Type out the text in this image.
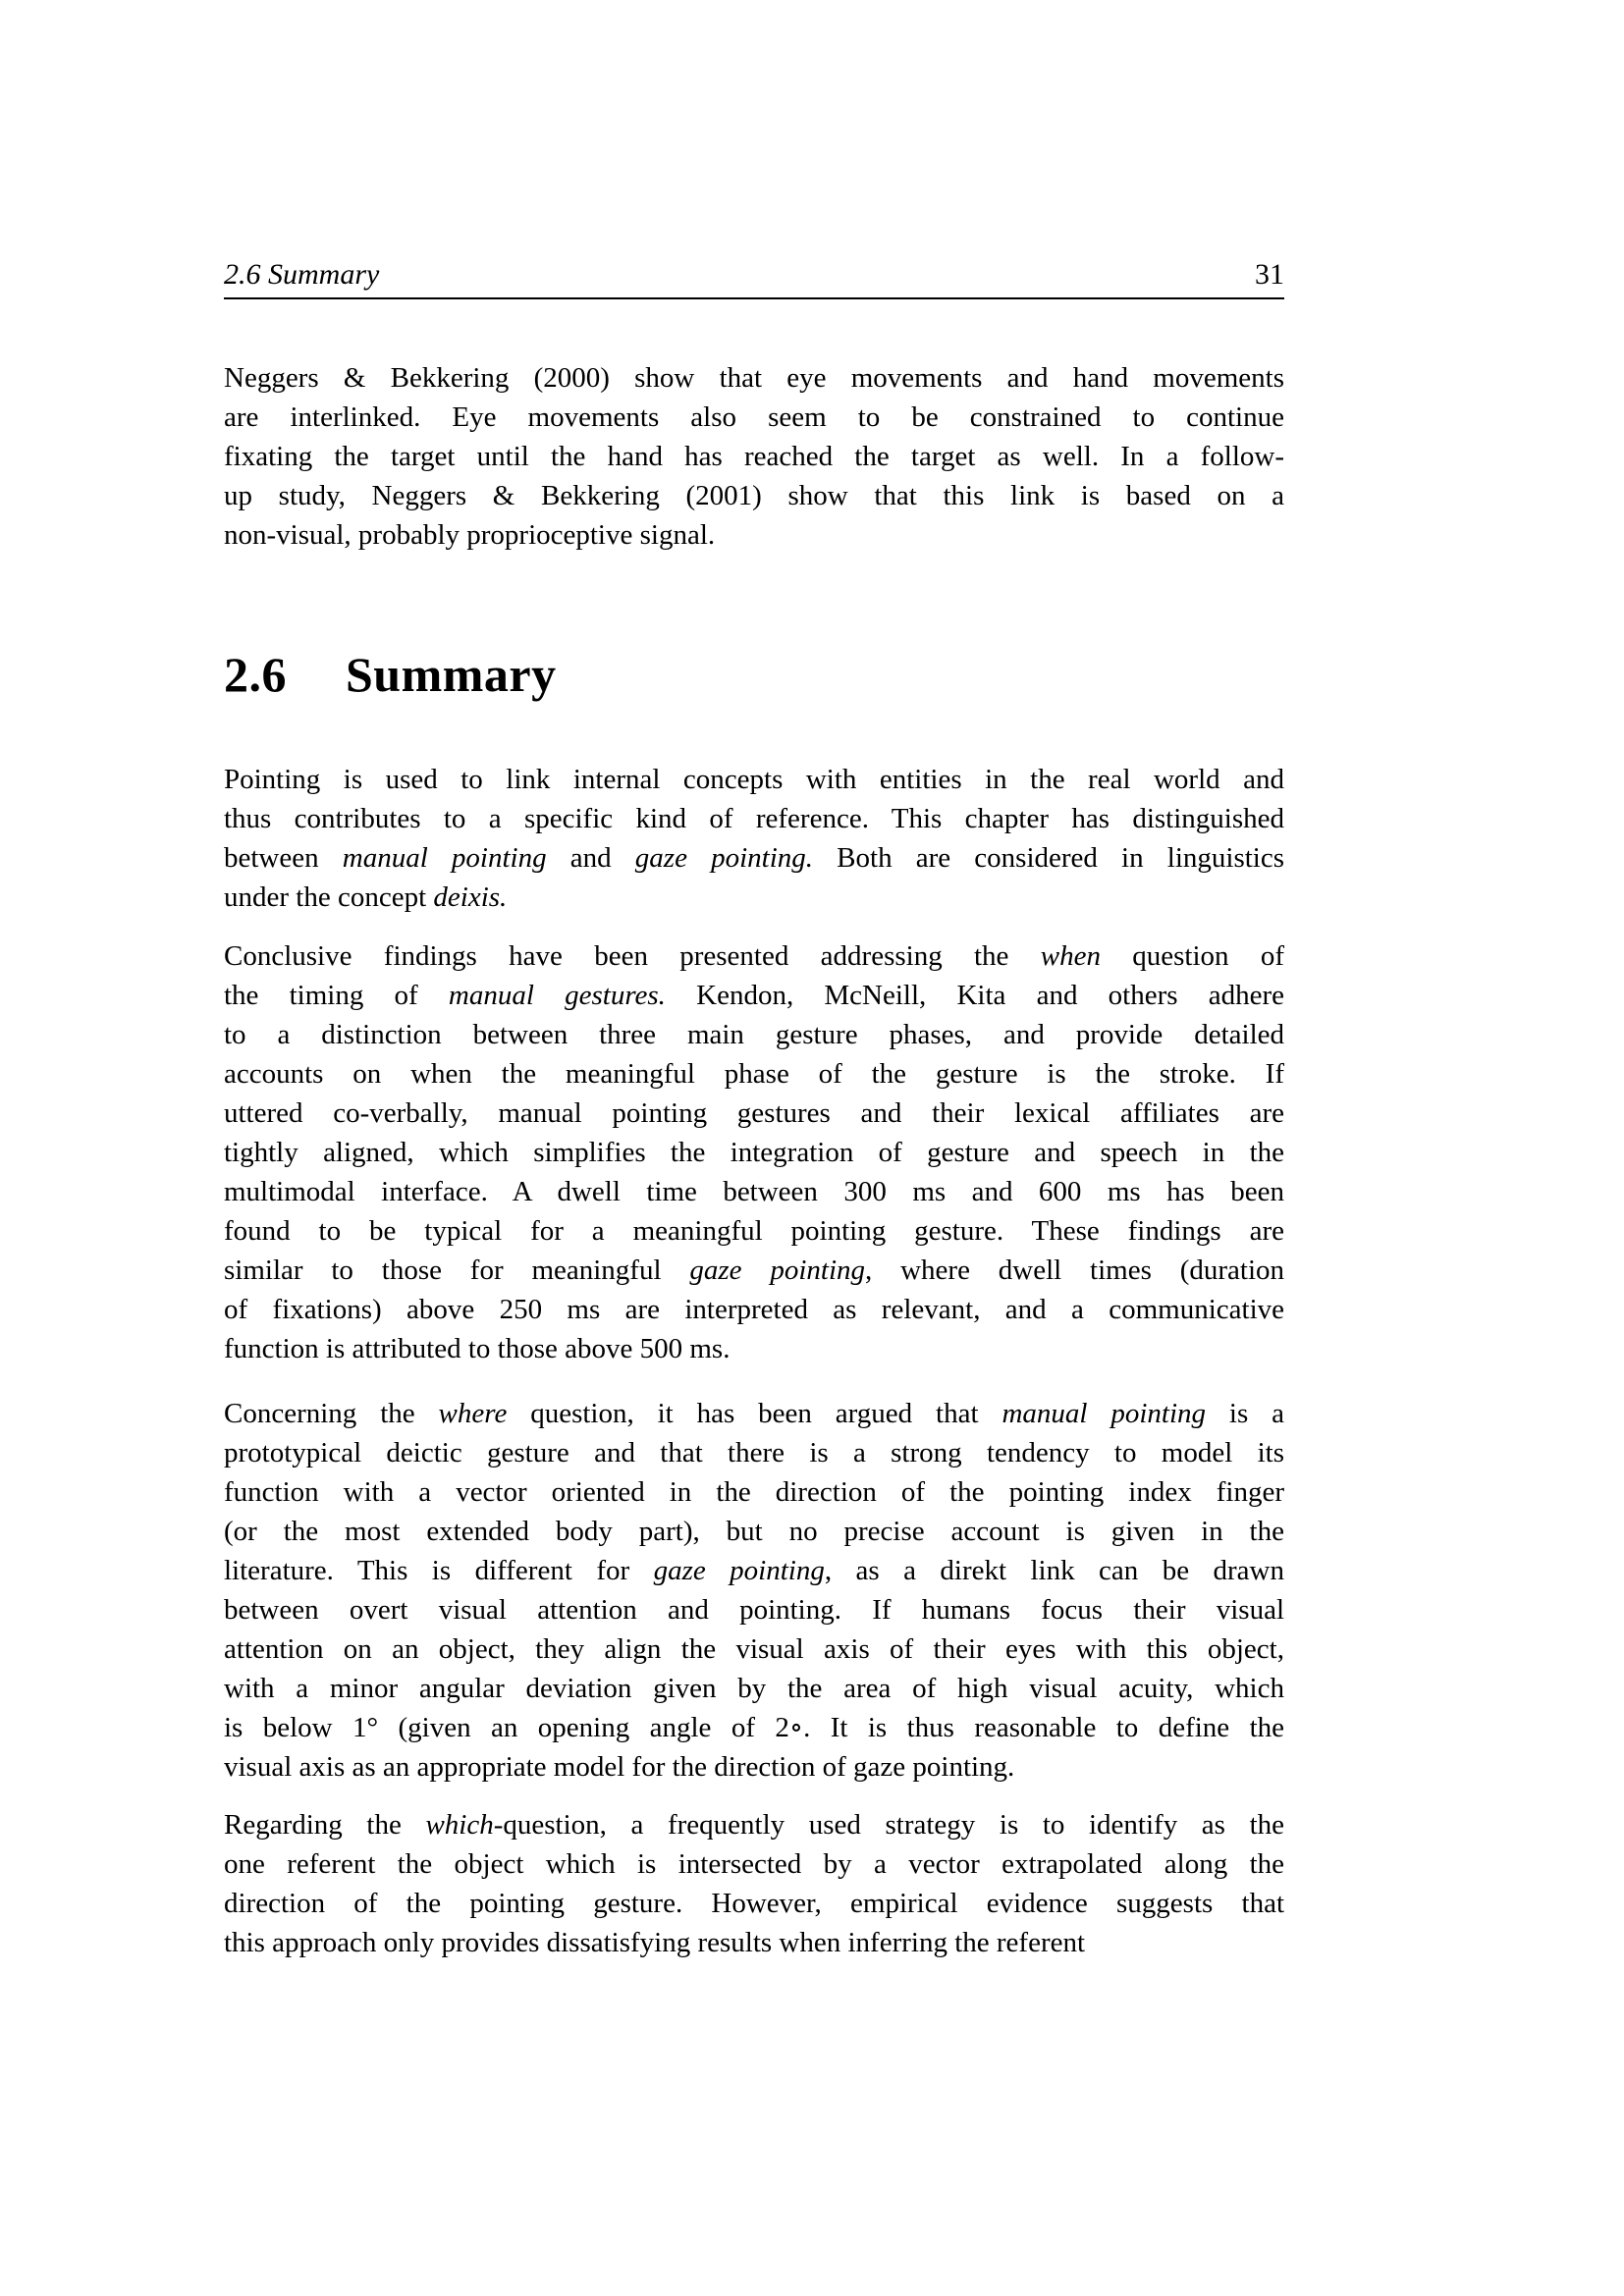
2.6 Summary	31
2.6 Summary
Neggers & Bekkering (2000) show that eye movements and hand movements
are interlinked. Eye movements also seem to be constrained to continue
fixating the target until the hand has reached the target as well. In a follow-
up study, Neggers & Bekkering (2001) show that this link is based on a
non-visual, probably proprioceptive signal.
Pointing is used to link internal concepts with entities in the real world and
thus contributes to a specific kind of reference. This chapter has distinguished
between manual pointing and gaze pointing. Both are considered in linguistics
under the concept deixis.
Conclusive findings have been presented addressing the when question of
the timing of manual gestures. Kendon, McNeill, Kita and others adhere
to a distinction between three main gesture phases, and provide detailed
accounts on when the meaningful phase of the gesture is the stroke. If
uttered co-verbally, manual pointing gestures and their lexical affiliates are
tightly aligned, which simplifies the integration of gesture and speech in the
multimodal interface. A dwell time between 300 ms and 600 ms has been
found to be typical for a meaningful pointing gesture. These findings are
similar to those for meaningful gaze pointing, where dwell times (duration
of fixations) above 250 ms are interpreted as relevant, and a communicative
function is attributed to those above 500 ms.
Concerning the where question, it has been argued that manual pointing is a
prototypical deictic gesture and that there is a strong tendency to model its
function with a vector oriented in the direction of the pointing index finger
(or the most extended body part), but no precise account is given in the
literature. This is different for gaze pointing, as a direkt link can be drawn
between overt visual attention and pointing. If humans focus their visual
attention on an object, they align the visual axis of their eyes with this object,
with a minor angular deviation given by the area of high visual acuity, which
is below 1° (given an opening angle of 2∘. It is thus reasonable to define the
visual axis as an appropriate model for the direction of gaze pointing.
Regarding the which-question, a frequently used strategy is to identify as the
one referent the object which is intersected by a vector extrapolated along the
direction of the pointing gesture. However, empirical evidence suggests that
this approach only provides dissatisfying results when inferring the referent
